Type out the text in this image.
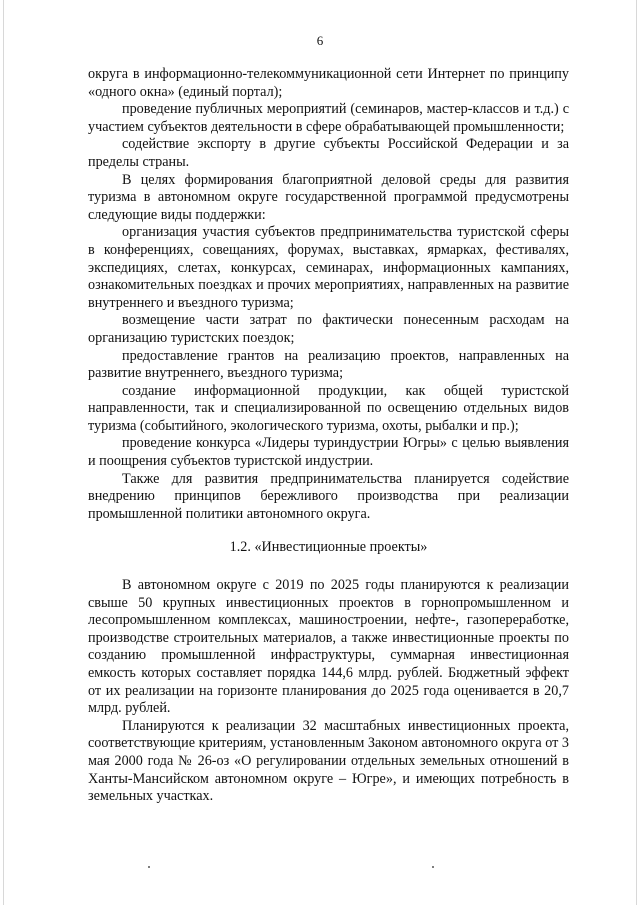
6

округа в информационно-телекоммуникационной сети Интернет по принципу «одного окна» (единый портал);

проведение публичных мероприятий (семинаров, мастер-классов и т.д.) с участием субъектов деятельности в сфере обрабатывающей промышленности;

содействие экспорту в другие субъекты Российской Федерации и за пределы страны.

В целях формирования благоприятной деловой среды для развития туризма в автономном округе государственной программой предусмотрены следующие виды поддержки:

организация участия субъектов предпринимательства туристской сферы в конференциях, совещаниях, форумах, выставках, ярмарках, фестивалях, экспедициях, слетах, конкурсах, семинарах, информационных кампаниях, ознакомительных поездках и прочих мероприятиях, направленных на развитие внутреннего и въездного туризма;

возмещение части затрат по фактически понесенным расходам на организацию туристских поездок;

предоставление грантов на реализацию проектов, направленных на развитие внутреннего, въездного туризма;

создание информационной продукции, как общей туристской направленности, так и специализированной по освещению отдельных видов туризма (событийного, экологического туризма, охоты, рыбалки и пр.);

проведение конкурса «Лидеры туриндустрии Югры» с целью выявления и поощрения субъектов туристской индустрии.

Также для развития предпринимательства планируется содействие внедрению принципов бережливого производства при реализации промышленной политики автономного округа.

1.2. «Инвестиционные проекты»

В автономном округе с 2019 по 2025 годы планируются к реализации свыше 50 крупных инвестиционных проектов в горнопромышленном и лесопромышленном комплексах, машиностроении, нефте-, газопереработке, производстве строительных материалов, а также инвестиционные проекты по созданию промышленной инфраструктуры, суммарная инвестиционная емкость которых составляет порядка 144,6 млрд. рублей. Бюджетный эффект от их реализации на горизонте планирования до 2025 года оценивается в 20,7 млрд. рублей.

Планируются к реализации 32 масштабных инвестиционных проекта, соответствующие критериям, установленным Законом автономного округа от 3 мая 2000 года № 26-оз «О регулировании отдельных земельных отношений в Ханты-Мансийском автономном округе – Югре», и имеющих потребность в земельных участках.
